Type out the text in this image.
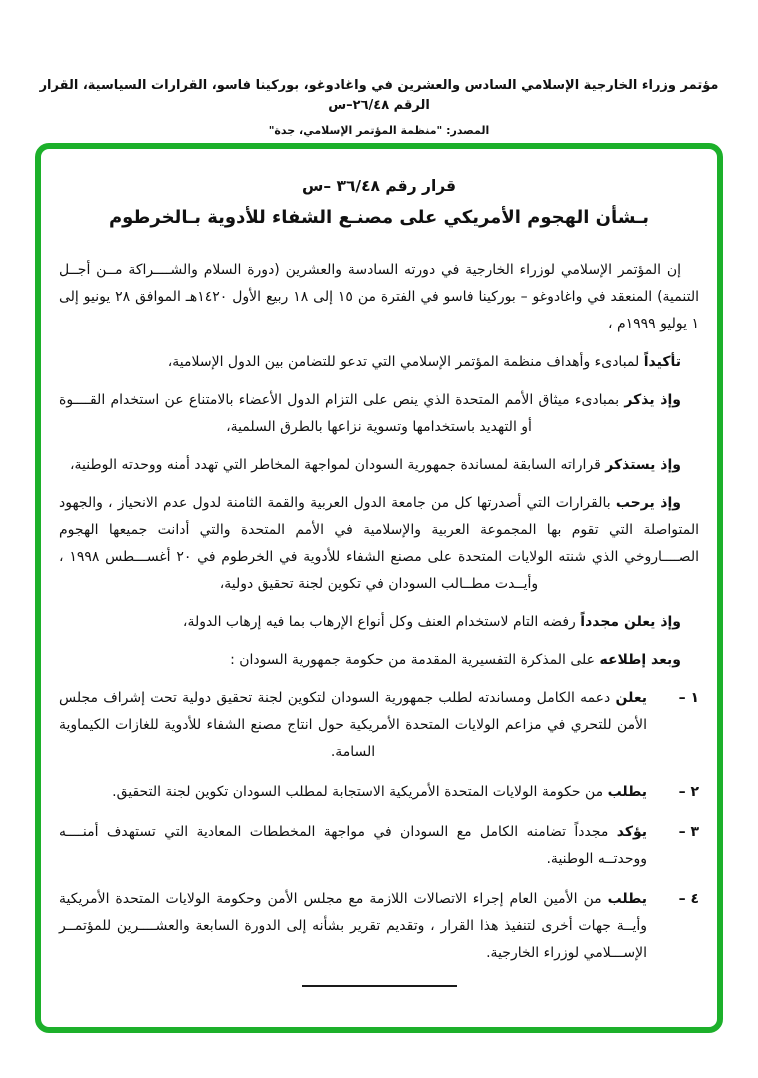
مؤتمر وزراء الخارجية الإسلامي السادس والعشرين في واغادوغو، بوركينا فاسو، القرارات السياسية، القرار الرقم ٢٦/٤٨–س
المصدر: "منظمة المؤتمر الإسلامي، جدة"
قرار رقم ٣٦/٤٨ –س
بـشأن الهجوم الأمريكي على مصنـع الشفاء للأدوية بـالخرطوم

إن المؤتمر الإسلامي لوزراء الخارجية في دورته السادسة والعشرين (دورة السلام والشــــراكة مــن أجــل التنمية) المنعقد في واغادوغو – بوركينا فاسو في الفترة من ١٥ إلى ١٨ ربيع الأول ١٤٢٠هـ الموافق ٢٨ يونيو إلى ١ يوليو ١٩٩٩م ،

تأكيداً لمبادىء وأهداف منظمة المؤتمر الإسلامي التي تدعو للتضامن بين الدول الإسلامية،

وإذ يذكر بمبادىء ميثاق الأمم المتحدة الذي ينص على التزام الدول الأعضاء بالامتناع عن استخدام القــــوة أو التهديد باستخدامها وتسوية نزاعها بالطرق السلمية،

وإذ يستذكر قراراته السابقة لمساندة جمهورية السودان لمواجهة المخاطر التي تهدد أمنه ووحدته الوطنية،

وإذ يرحب بالقرارات التي أصدرتها كل من جامعة الدول العربية والقمة الثامنة لدول عدم الانحياز ، والجهود المتواصلة التي تقوم بها المجموعة العربية والإسلامية في الأمم المتحدة والتي أدانت جميعها الهجوم الصــــاروخي الذي شنته الولايات المتحدة على مصنع الشفاء للأدوية في الخرطوم في ٢٠ أغســـطس ١٩٩٨ ، وأيــدت مطــالب السودان في تكوين لجنة تحقيق دولية،

وإذ يعلن مجدداً رفضه التام لاستخدام العنف وكل أنواع الإرهاب بما فيه إرهاب الدولة،

وبعد إطلاعه على المذكرة التفسيرية المقدمة من حكومة جمهورية السودان :

١ –
يعلن دعمه الكامل ومساندته لطلب جمهورية السودان لتكوين لجنة تحقيق دولية تحت إشراف مجلس الأمن للتحري في مزاعم الولايات المتحدة الأمريكية حول انتاج مصنع الشفاء للأدوية للغازات الكيماوية السامة.
٢ –
يطلب من حكومة الولايات المتحدة الأمريكية الاستجابة لمطلب السودان تكوين لجنة التحقيق.
٣ –
يؤكد مجدداً تضامنه الكامل مع السودان في مواجهة المخططات المعادية التي تستهدف أمنــــه ووحدتــه الوطنية.
٤ –
يطلب من الأمين العام إجراء الاتصالات اللازمة مع مجلس الأمن وحكومة الولايات المتحدة الأمريكية وأيــة جهات أخرى لتنفيذ هذا القرار ، وتقديم تقرير بشأنه إلى الدورة السابعة والعشــــرين للمؤتمــر الإســـلامي لوزراء الخارجية.
